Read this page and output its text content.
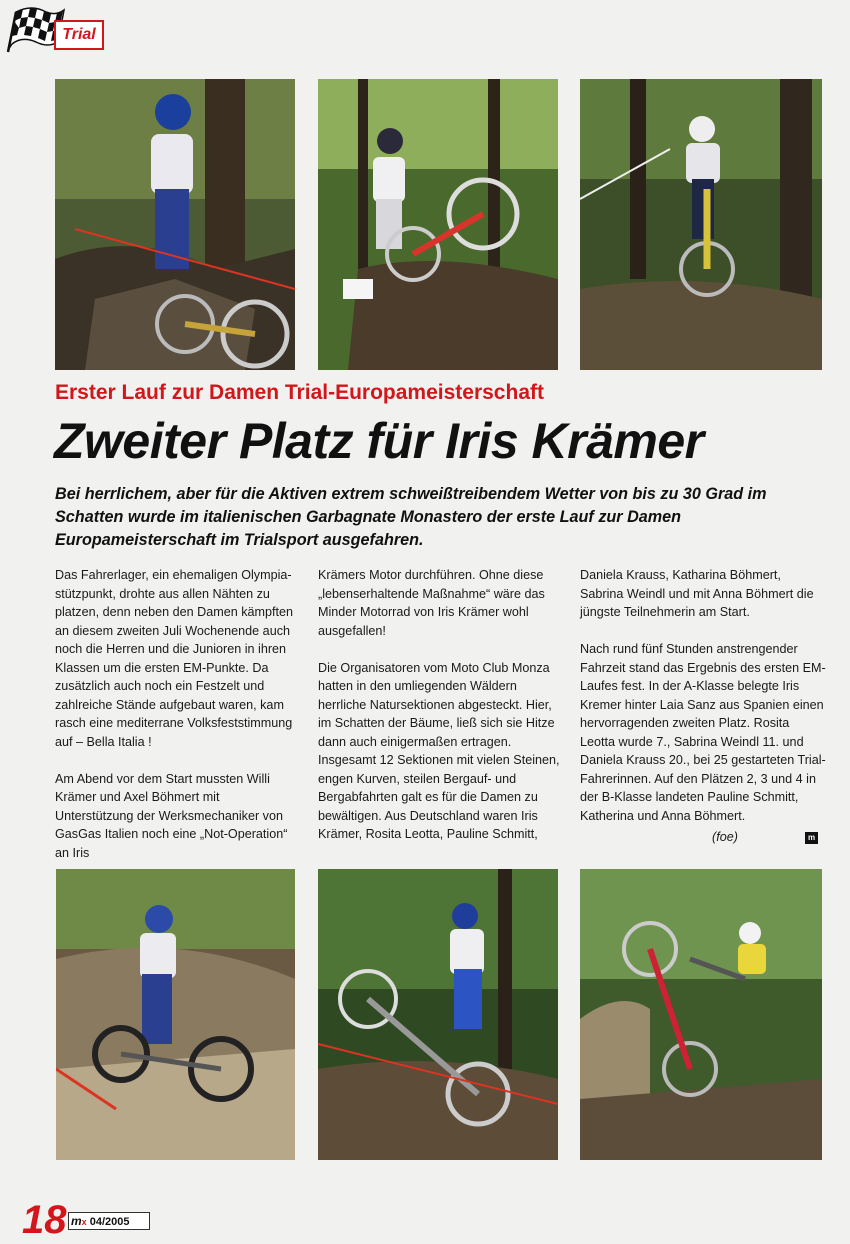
Trial
Erster Lauf zur Damen Trial-Europameisterschaft
Zweiter Platz für Iris Krämer

Bei herrlichem, aber für die Aktiven extrem schweißtreibendem Wetter von bis zu 30 Grad im Schatten wurde im italienischen Garbagnate Monastero der erste Lauf zur Damen Europameisterschaft im Trialsport ausgefahren.

Das Fahrerlager, ein ehemaligen Olympia-stützpunkt, drohte aus allen Nähten zu platzen, denn neben den Damen kämpften an diesem zweiten Juli Wochenende auch noch die Herren und die Junioren in ihren Klassen um die ersten EM-Punkte. Da zusätzlich auch noch ein Festzelt und zahlreiche Stände aufgebaut waren, kam rasch eine mediterrane Volksfeststimmung auf – Bella Italia !

Am Abend vor dem Start mussten Willi Krämer und Axel Böhmert mit Unterstützung der Werksmechaniker von GasGas Italien noch eine „Not-Operation“ an Iris

Krämers Motor durchführen. Ohne diese „lebenserhaltende Maßnahme“ wäre das Minder Motorrad von Iris Krämer wohl ausgefallen!

Die Organisatoren vom Moto Club Monza hatten in den umliegenden Wäldern herrliche Natursektionen abgesteckt. Hier, im Schatten der Bäume, ließ sich sie Hitze dann auch einigermaßen ertragen. Insgesamt 12 Sektionen mit vielen Steinen, engen Kurven, steilen Bergauf- und Bergabfahrten galt es für die Damen zu bewältigen. Aus Deutschland waren Iris Krämer, Rosita Leotta, Pauline Schmitt,

Daniela Krauss, Katharina Böhmert, Sabrina Weindl und mit Anna Böhmert die jüngste Teilnehmerin am Start.

Nach rund fünf Stunden anstrengender Fahrzeit stand das Ergebnis des ersten EM-Laufes fest. In der A-Klasse belegte Iris Kremer hinter Laia Sanz aus Spanien einen hervorragenden zweiten Platz. Rosita Leotta wurde 7., Sabrina Weindl 11. und Daniela Krauss 20., bei 25 gestarteten Trial-Fahrerinnen. Auf den Plätzen 2, 3 und 4 in der B-Klasse landeten Pauline Schmitt, Katherina und Anna Böhmert.

(foe)	m
18 mx 04/2005
